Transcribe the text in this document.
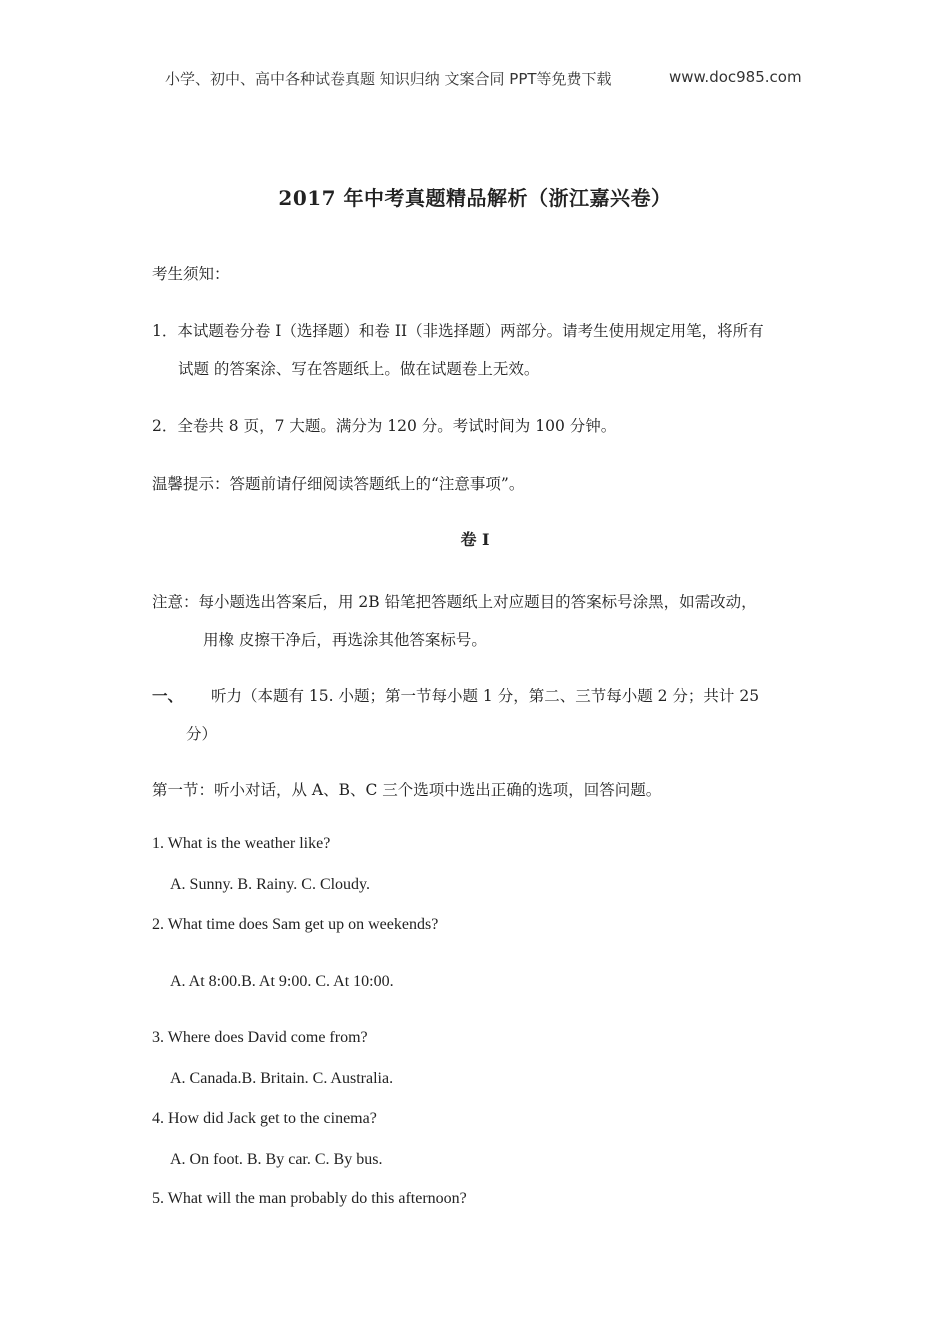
小学、初中、高中各种试卷真题 知识归纳 文案合同 PPT等免费下载	www.doc985.com
2017 年中考真题精品解析（浙江嘉兴卷）
考生须知：
1．本试题卷分卷 I（选择题）和卷 II（非选择题）两部分。请考生使用规定用笔，将所有
试题 的答案涂、写在答题纸上。做在试题卷上无效。
2．全卷共 8 页，7 大题。满分为 120 分。考试时间为 100 分钟。
温馨提示：答题前请仔细阅读答题纸上的“注意事项”。
卷 I
注意：每小题选出答案后，用 2B 铅笔把答题纸上对应题目的答案标号涂黑，如需改动，
用橡 皮擦干净后，再选涂其他答案标号。
一、 听力（本题有 15. 小题；第一节每小题 1 分，第二、三节每小题 2 分；共计 25
分）
第一节：听小对话，从 A、B、C 三个选项中选出正确的选项，回答问题。
1. What is the weather like?
A. Sunny. B. Rainy. C. Cloudy.
2. What time does Sam get up on weekends?
A. At 8:00.B. At 9:00. C. At 10:00.
3. Where does David come from?
A. Canada.B. Britain. C. Australia.
4. How did Jack get to the cinema?
A. On foot. B. By car. C. By bus.
5. What will the man probably do this afternoon?
